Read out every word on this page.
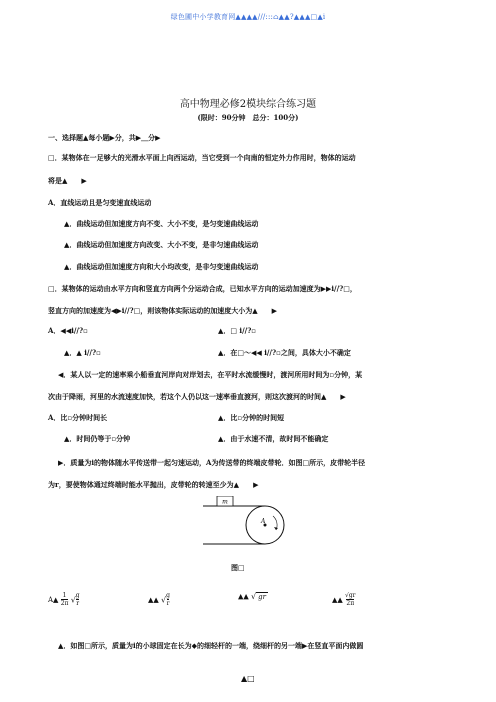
绿色圃中小学教育网▲▲▲▲///:::⌂▲▲?▲▲▲□▲i
高中物理必修2模块综合练习题
(限时：90分钟　总分：100分)
一、选择题▲每小题▶分，共▶＿分▶
□．某物体在一足够大的光滑水平面上向西运动，当它受到一个向南的恒定外力作用时，物体的运动
将是▲　　▶
A．直线运动且是匀变速直线运动
▲．曲线运动但加速度方向不变、大小不变，是匀变速曲线运动
▲．曲线运动但加速度方向改变、大小不变，是非匀速曲线运动
▲．曲线运动但加速度方向和大小均改变，是非匀变速曲线运动
□．某物体的运动由水平方向和竖直方向两个分运动合成，已知水平方向的运动加速度为▶▶i//?□，
竖直方向的加速度为◀▶i//?□，则该物体实际运动的加速度大小为▲　　▶
A．◀◀i//?▫	▲．□ i//?▫
▲．▲ i//?▫	▲．在□～◀◀ i//?▫之间，具体大小不确定
◀．某人以一定的速率乘小船垂直河岸向对岸划去，在平时水流缓慢时，渡河所用时间为▫分钟，某
次由于降雨，河里的水流速度加快，若这个人仍以这一速率垂直渡河，则这次渡河的时间▲　　▶
A．比▫分钟时间长	▲．比▫分钟的时间短
▲．时间仍等于▫分钟	▲．由于水速不清，故时间不能确定
▶．质量为i的物体随水平传送带一起匀速运动，A为传送带的终端皮带轮．如图□所示，皮带轮半径
为r，要使物体通过终端时能水平抛出，皮带轮的转速至少为▲　　▶
m
A
图□
A▲ $\frac{1}{2\pi} √\frac{g}{r}$	▲▲ $√\frac{g}{r}$	▲▲ √ gr	▲▲ $\frac{√gr}{2\pi}$
▲．如图□所示，质量为i的小球固定在长为◆的细轻杆的一端，绕细杆的另一端▶在竖直平面内做圆
▲□
